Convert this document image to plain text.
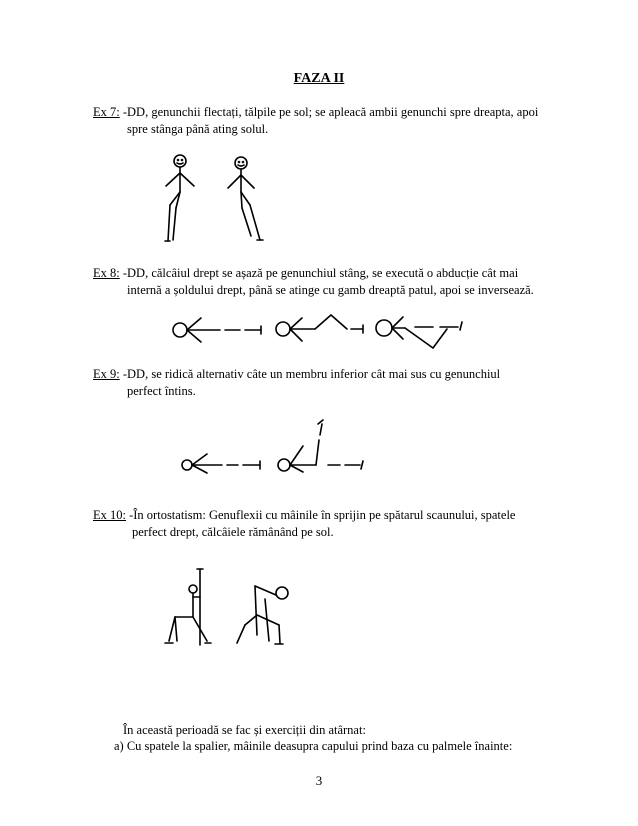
FAZA II
Ex 7: -DD, genunchii flectați, tălpile pe sol; se apleacă ambii genunchi spre dreapta, apoi
spre stânga până ating solul.
Ex 8: -DD, călcâiul drept se așază pe genunchiul stâng, se execută o abducție cât mai
internă a șoldului drept, până se atinge cu gamb dreaptă patul, apoi se inversează.
Ex 9: -DD, se ridică alternativ câte un membru inferior cât mai sus cu genunchiul
perfect întins.
Ex 10: -În ortostatism: Genuflexii cu mâinile în sprijin pe spătarul scaunului, spatele
perfect drept, călcâiele rămânând pe sol.
În această perioadă se fac și exerciții din atârnat:
a) Cu spatele la spalier, mâinile deasupra capului prind baza cu palmele înainte:
3
